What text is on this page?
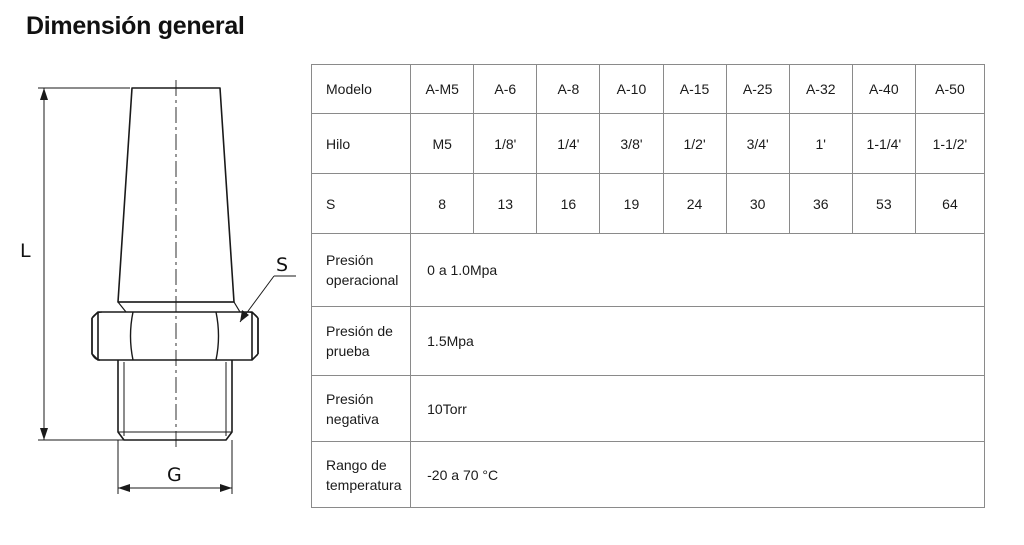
Dimensión general
L
S
G
Modelo	A-M5	A-6	A-8	A-10	A-15	A-25	A-32	A-40	A-50
Hilo	M5	1/8'	1/4'	3/8'	1/2'	3/4'	1'	1-1/4'	1-1/2'
S	8	13	16	19	24	30	36	53	64
Presión
operacional	0 a 1.0Mpa								
Presión de
prueba	1.5Mpa								
Presión
negativa	10Torr								
Rango de
temperatura	-20 a 70 °C								
